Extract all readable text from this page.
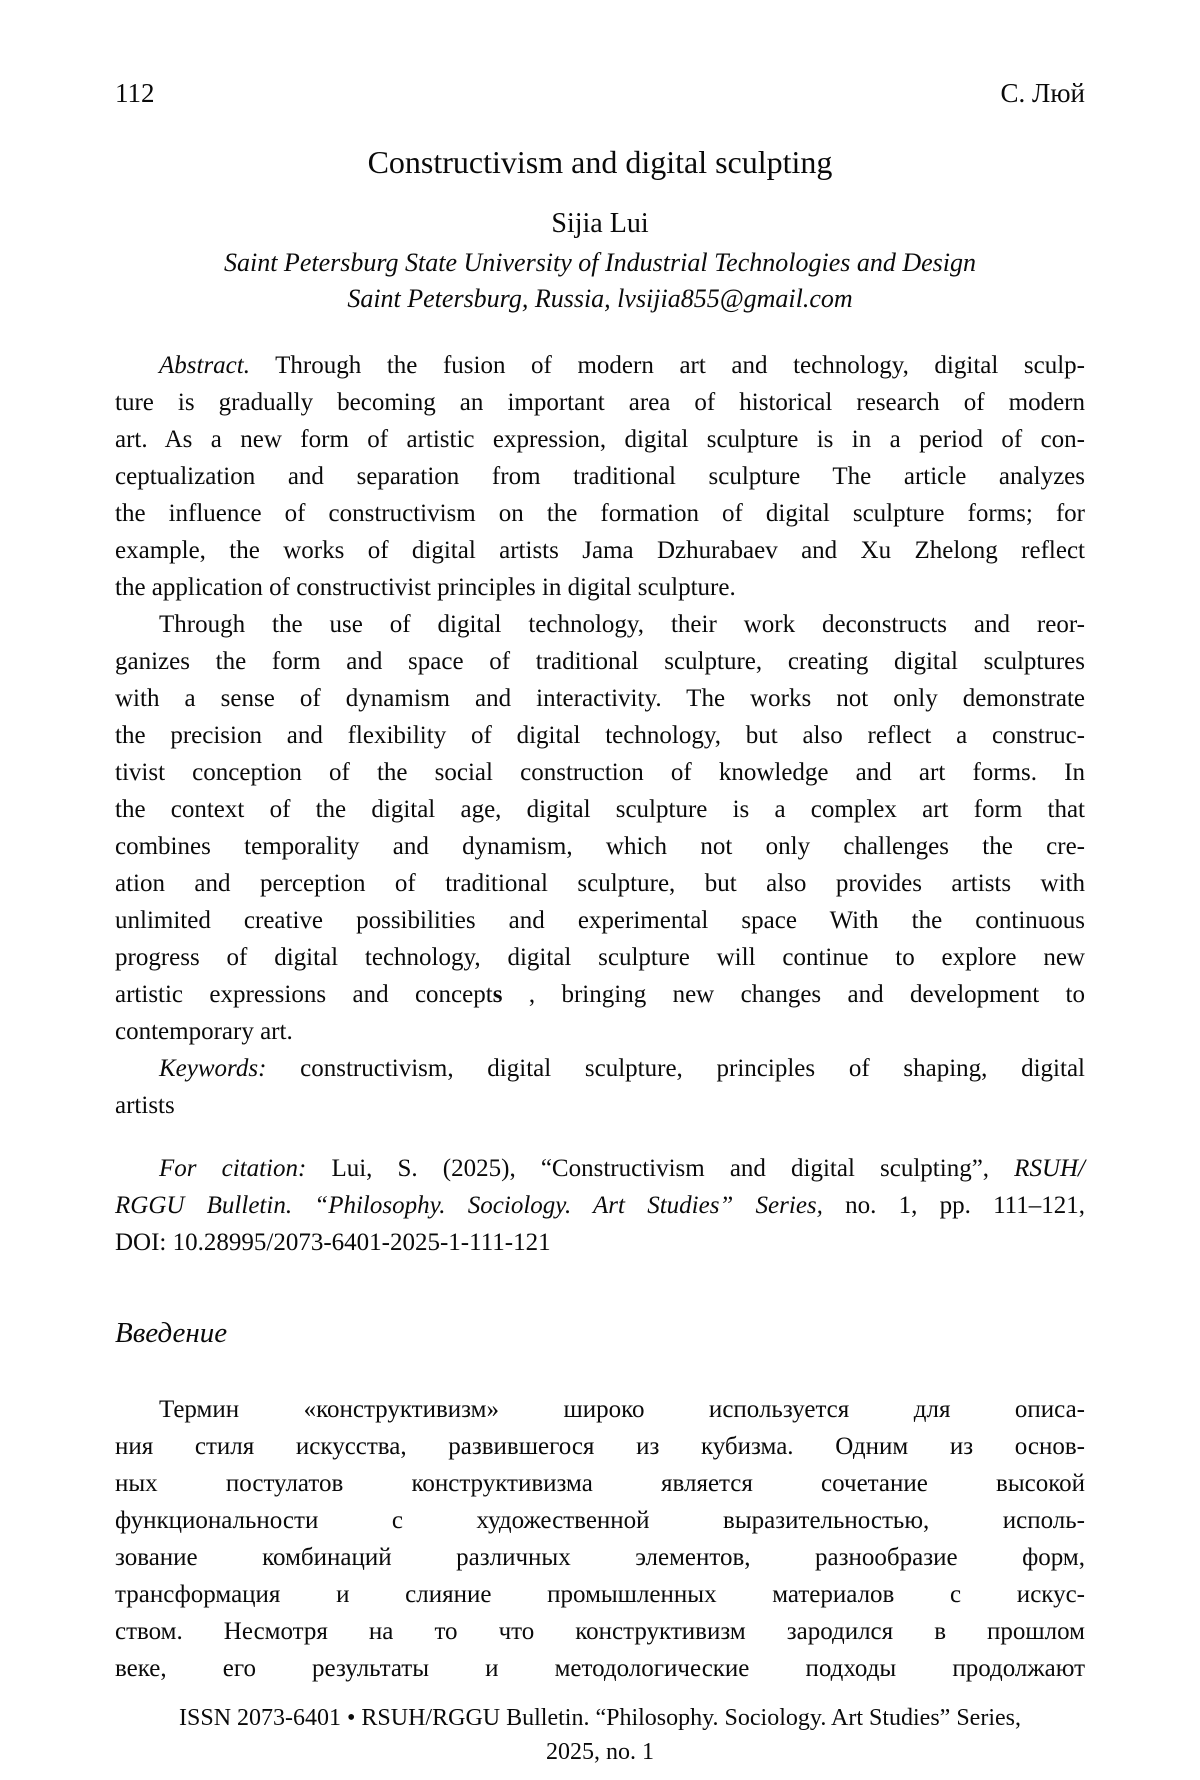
112	С. Люй
Constructivism and digital sculpting
Sijia Lui
Saint Petersburg State University of Industrial Technologies and Design
Saint Petersburg, Russia, lvsijia855@gmail.com
Abstract. Through the fusion of modern art and technology, digital sculp-
ture is gradually becoming an important area of historical research of modern
art. As a new form of artistic expression, digital sculpture is in a period of con-
ceptualization and separation from traditional sculpture The article analyzes
the influence of constructivism on the formation of digital sculpture forms; for
example, the works of digital artists Jama Dzhurabaev and Xu Zhelong reflect
the application of constructivist principles in digital sculpture.
Through the use of digital technology, their work deconstructs and reor-
ganizes the form and space of traditional sculpture, creating digital sculptures
with a sense of dynamism and interactivity. The works not only demonstrate
the precision and flexibility of digital technology, but also reflect a construc-
tivist conception of the social construction of knowledge and art forms. In
the context of the digital age, digital sculpture is a complex art form that
combines temporality and dynamism, which not only challenges the cre-
ation and perception of traditional sculpture, but also provides artists with
unlimited creative possibilities and experimental space With the continuous
progress of digital technology, digital sculpture will continue to explore new
artistic expressions and concepts , bringing new changes and development to
contemporary art.
Keywords: constructivism, digital sculpture, principles of shaping, digital
artists
For citation: Lui, S. (2025), “Constructivism and digital sculpting”, RSUH/
RGGU Bulletin. “Philosophy. Sociology. Art Studies” Series, no. 1, pp. 111–121,
DOI: 10.28995/2073-6401-2025-1-111-121
Введение
Термин «конструктивизм» широко используется для описа-
ния стиля искусства, развившегося из кубизма. Одним из основ-
ных постулатов конструктивизма является сочетание высокой
функциональности с художественной выразительностью, исполь-
зование комбинаций различных элементов, разнообразие форм,
трансформация и слияние промышленных материалов с искус-
ством. Несмотря на то что конструктивизм зародился в прошлом
веке, его результаты и методологические подходы продолжают
ISSN 2073-6401 • RSUH/RGGU Bulletin. “Philosophy. Sociology. Art Studies” Series,
2025, no. 1
